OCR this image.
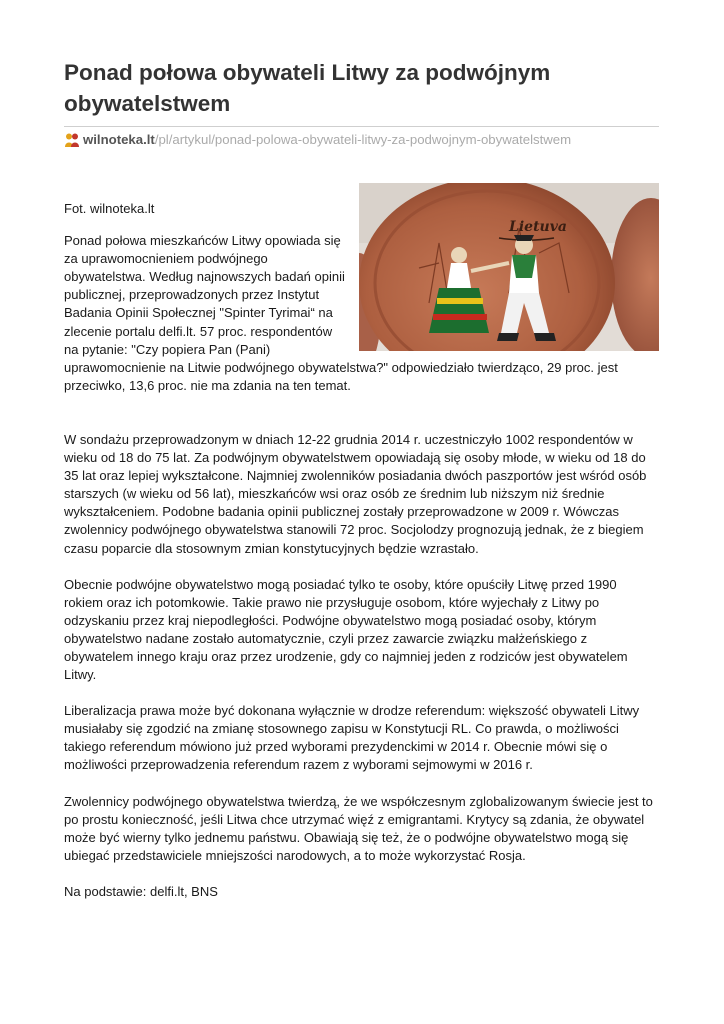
Ponad połowa obywateli Litwy za podwójnym obywatelstwem
wilnoteka.lt /pl/artykul/ponad-polowa-obywateli-litwy-za-podwojnym-obywatelstwem
Lietuva

Fot. wilnoteka.lt

Ponad połowa mieszkańców Litwy opowiada się za uprawomocnieniem podwójnego obywatelstwa. Według najnowszych badań opinii publicznej, przeprowadzonych przez Instytut Badania Opinii Społecznej "Spinter Tyrimai“ na zlecenie portalu delfi.lt. 57 proc. respondentów na pytanie: "Czy popiera Pan (Pani) uprawomocnienie na Litwie podwójnego obywatelstwa?" odpowiedziało twierdząco, 29 proc. jest przeciwko, 13,6 proc. nie ma zdania na ten temat.

W sondażu przeprowadzonym w dniach 12-22 grudnia 2014 r. uczestniczyło 1002 respondentów w wieku od 18 do 75 lat. Za podwójnym obywatelstwem opowiadają się osoby młode, w wieku od 18 do 35 lat oraz lepiej wykształcone. Najmniej zwolenników posiadania dwóch paszportów jest wśród osób starszych (w wieku od 56 lat), mieszkańców wsi oraz osób ze średnim lub niższym niż średnie wykształceniem. Podobne badania opinii publicznej zostały przeprowadzone w 2009 r. Wówczas zwolennicy podwójnego obywatelstwa stanowili 72 proc. Socjolodzy prognozują jednak, że z biegiem czasu poparcie dla stosownym zmian konstytucyjnych będzie wzrastało.

Obecnie podwójne obywatelstwo mogą posiadać tylko te osoby, które opuściły Litwę przed 1990 rokiem oraz ich potomkowie. Takie prawo nie przysługuje osobom, które wyjechały z Litwy po odzyskaniu przez kraj niepodległości. Podwójne obywatelstwo mogą posiadać osoby, którym obywatelstwo nadane zostało automatycznie, czyli przez zawarcie związku małżeńskiego z obywatelem innego kraju oraz przez urodzenie, gdy co najmniej jeden z rodziców jest obywatelem Litwy.

Liberalizacja prawa może być dokonana wyłącznie w drodze referendum: większość obywateli Litwy musiałaby się zgodzić na zmianę stosownego zapisu w Konstytucji RL. Co prawda, o możliwości takiego referendum mówiono już przed wyborami prezydenckimi w 2014 r. Obecnie mówi się o możliwości przeprowadzenia referendum razem z wyborami sejmowymi w 2016 r.

Zwolennicy podwójnego obywatelstwa twierdzą, że we współczesnym zglobalizowanym świecie jest to po prostu konieczność, jeśli Litwa chce utrzymać więź z emigrantami. Krytycy są zdania, że obywatel może być wierny tylko jednemu państwu. Obawiają się też, że o podwójne obywatelstwo mogą się ubiegać przedstawiciele mniejszości narodowych, a to może wykorzystać Rosja.

Na podstawie: delfi.lt, BNS
